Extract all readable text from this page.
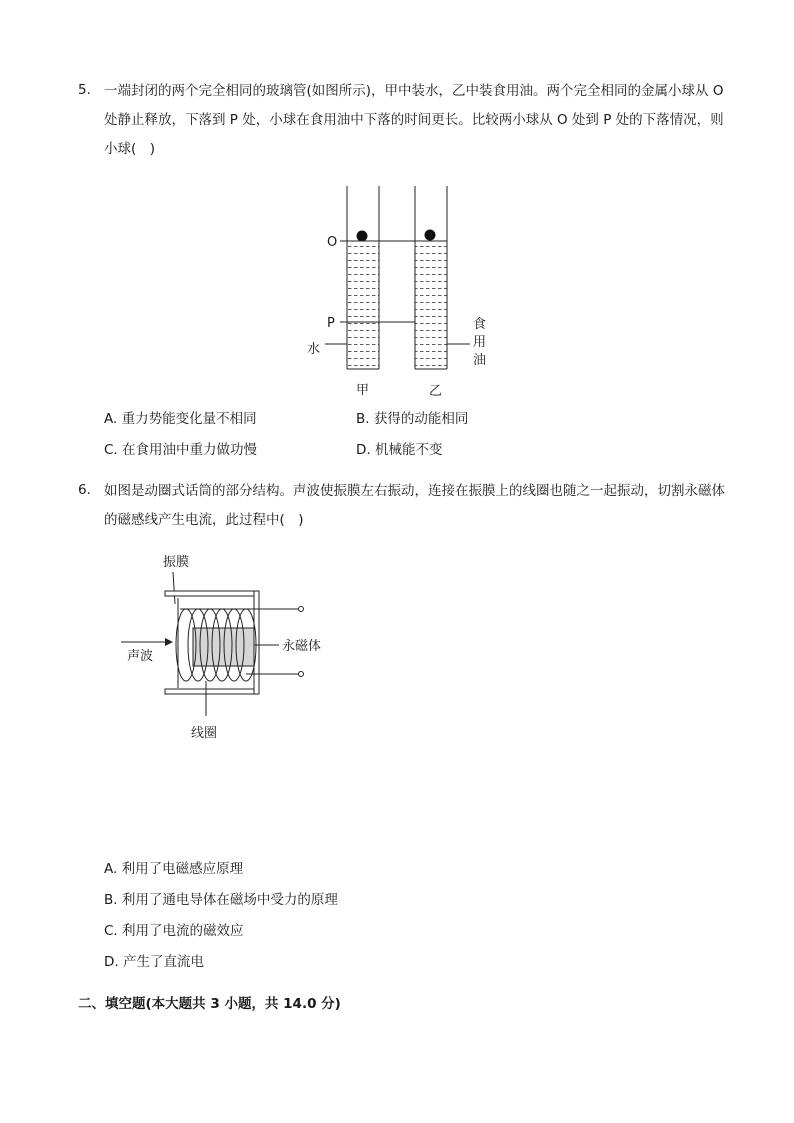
5. 一端封闭的两个完全相同的玻璃管(如图所示)，甲中装水，乙中装食用油。两个完全相同的金属小球从 O 处静止释放，下落到 P 处，小球在食用油中下落的时间更长。比较两小球从 O 处到 P 处的下落情况，则小球(　)
O
P
水
食
用
油
甲	乙
A. 重力势能变化量不相同	B. 获得的动能相同
C. 在食用油中重力做功慢	D. 机械能不变
6. 如图是动圈式话筒的部分结构。声波使振膜左右振动，连接在振膜上的线圈也随之一起振动，切割永磁体的磁感线产生电流，此过程中(　)
振膜
永磁体
声波
线圈
A. 利用了电磁感应原理
B. 利用了通电导体在磁场中受力的原理
C. 利用了电流的磁效应
D. 产生了直流电
二、填空题(本大题共 3 小题，共 14.0 分)
